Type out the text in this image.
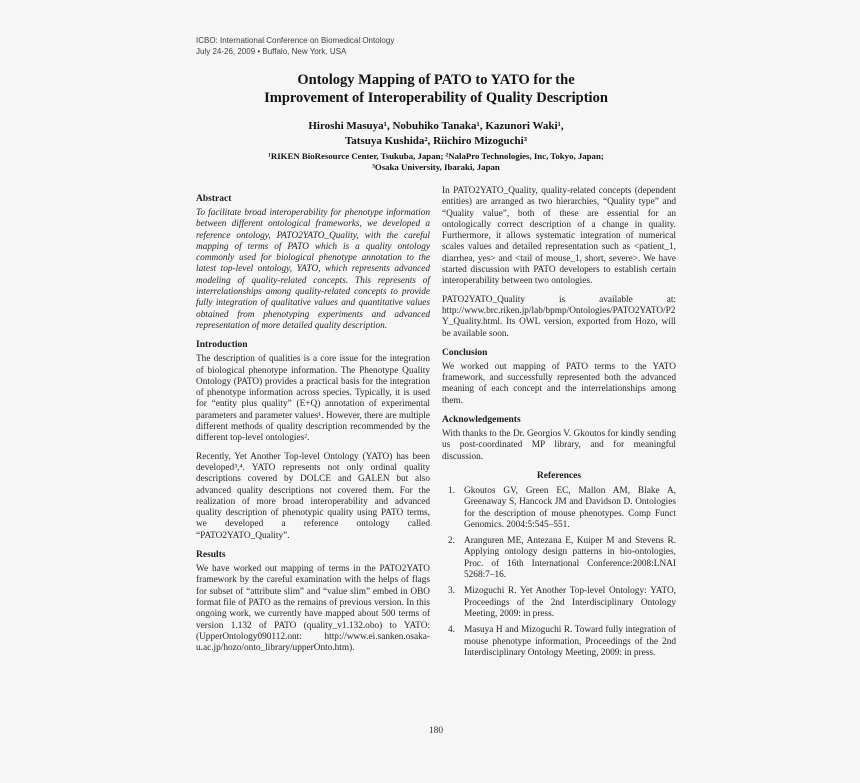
ICBO: International Conference on Biomedical Ontology
July 24-26, 2009 • Buffalo, New York, USA
Ontology Mapping of PATO to YATO for the
Improvement of Interoperability of Quality Description
Hiroshi Masuya¹, Nobuhiko Tanaka¹, Kazunori Waki¹,
Tatsuya Kushida², Riichiro Mizoguchi³
¹RIKEN BioResource Center, Tsukuba, Japan; ²NalaPro Technologies, Inc, Tokyo, Japan;
³Osaka University, Ibaraki, Japan
Abstract

To facilitate broad interoperability for phenotype information between different ontological frameworks, we developed a reference ontology, PATO2YATO_Quality, with the careful mapping of terms of PATO which is a quality ontology commonly used for biological phenotype annotation to the latest top-level ontology, YATO, which represents advanced modeling of quality-related concepts. This represents of interrelationships among quality-related concepts to provide fully integration of qualitative values and quantitative values obtained from phenotyping experiments and advanced representation of more detailed quality description.

Introduction

The description of qualities is a core issue for the integration of biological phenotype information. The Phenotype Quality Ontology (PATO) provides a practical basis for the integration of phenotype information across species. Typically, it is used for “entity plus quality” (E+Q) annotation of experimental parameters and parameter values¹. However, there are multiple different methods of quality description recommended by the different top-level ontologies².

Recently, Yet Another Top-level Ontology (YATO) has been developed³,⁴. YATO represents not only ordinal quality descriptions covered by DOLCE and GALEN but also advanced quality descriptions not covered them. For the realization of more broad interoperability and advanced quality description of phenotypic quality using PATO terms, we developed a reference ontology called “PATO2YATO_Quality”.

Results

We have worked out mapping of terms in the PATO2YATO framework by the careful examination with the helps of flags for subset of “attribute slim” and “value slim” embed in OBO format file of PATO as the remains of previous version. In this ongoing work, we currently have mapped about 500 terms of version 1.132 of PATO (quality_v1.132.obo) to YATO: (UpperOntology090112.ont: http://www.ei.sanken.osaka-u.ac.jp/hozo/onto_library/upperOnto.htm).

In PATO2YATO_Quality, quality-related concepts (dependent entities) are arranged as two hierarchies, “Quality type” and “Quality value”, both of these are essential for an ontologically correct description of a change in quality. Furthermore, it allows systematic integration of numerical scales values and detailed representation such as <patient_1, diarrhea, yes> and <tail of mouse_1, short, severe>. We have started discussion with PATO developers to establish certain interoperability between two ontologies.

PATO2YATO_Quality is available at: http://www.brc.riken.jp/lab/bpmp/Ontologies/PATO2YATO/P2Y_Quality.html. Its OWL version, exported from Hozo, will be available soon.

Conclusion

We worked out mapping of PATO terms to the YATO framework, and successfully represented both the advanced meaning of each concept and the interrelationships among them.

Acknowledgements

With thanks to the Dr. Georgios V. Gkoutos for kindly sending us post-coordinated MP library, and for meaningful discussion.

References
1. Gkoutos GV, Green EC, Mallon AM, Blake A, Greenaway S, Hancock JM and Davidson D. Ontologies for the description of mouse phenotypes. Comp Funct Genomics. 2004:5:545–551.
2. Aranguren ME, Antezana E, Kuiper M and Stevens R. Applying ontology design patterns in bio-ontologies, Proc. of 16th International Conference:2008:LNAI 5268:7–16.
3. Mizoguchi R. Yet Another Top-level Ontology: YATO, Proceedings of the 2nd Interdisciplinary Ontology Meeting, 2009: in press.
4. Masuya H and Mizoguchi R. Toward fully integration of mouse phenotype information, Proceedings of the 2nd Interdisciplinary Ontology Meeting, 2009: in press.
180
